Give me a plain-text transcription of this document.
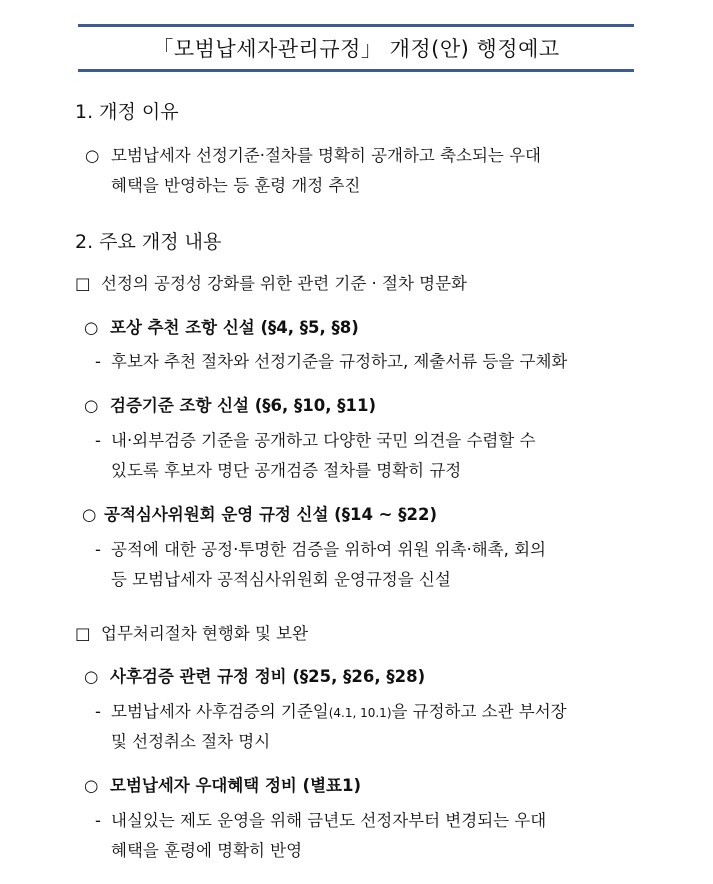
「모범납세자관리규정」 개정(안) 행정예고
1. 개정 이유
○ 모범납세자 선정기준·절차를 명확히 공개하고 축소되는 우대
혜택을 반영하는 등 훈령 개정 추진
2. 주요 개정 내용
□ 선정의 공정성 강화를 위한 관련 기준 · 절차 명문화
○ 포상 추천 조항 신설 (§4, §5, §8)
- 후보자 추천 절차와 선정기준을 규정하고, 제출서류 등을 구체화
○ 검증기준 조항 신설 (§6, §10, §11)
- 내·외부검증 기준을 공개하고 다양한 국민 의견을 수렴할 수
있도록 후보자 명단 공개검증 절차를 명확히 규정
○ 공적심사위원회 운영 규정 신설 (§14 ~ §22)
- 공적에 대한 공정·투명한 검증을 위하여 위원 위촉·해촉, 회의
등 모범납세자 공적심사위원회 운영규정을 신설
□ 업무처리절차 현행화 및 보완
○ 사후검증 관련 규정 정비 (§25, §26, §28)
- 모범납세자 사후검증의 기준일(4.1, 10.1)을 규정하고 소관 부서장
및 선정취소 절차 명시
○ 모범납세자 우대혜택 정비 (별표1)
- 내실있는 제도 운영을 위해 금년도 선정자부터 변경되는 우대
혜택을 훈령에 명확히 반영
